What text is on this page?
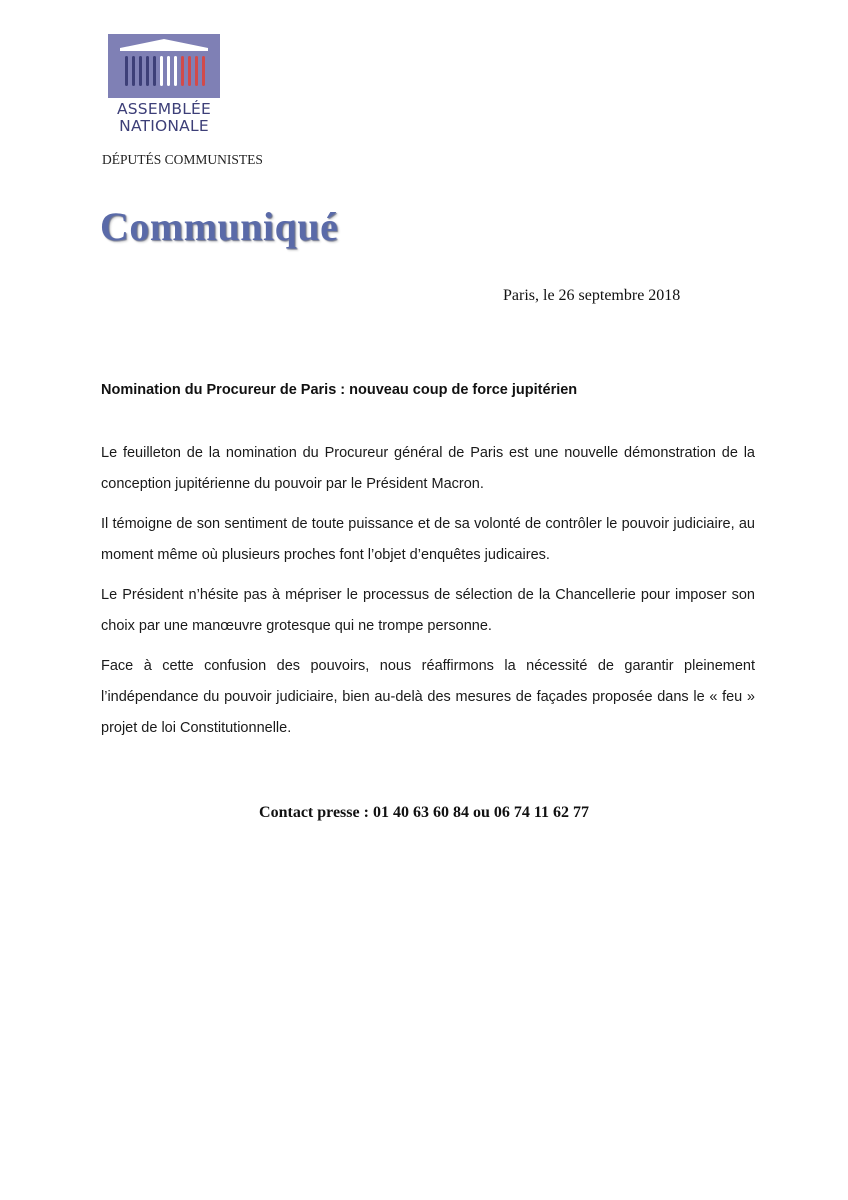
ASSEMBLÉE
NATIONALE
DÉPUTÉS COMMUNISTES
Communiqué
Paris, le 26 septembre 2018
Nomination du Procureur de Paris : nouveau coup de force jupitérien

Le feuilleton de la nomination du Procureur général de Paris est une nouvelle démonstration de la conception jupitérienne du pouvoir par le Président Macron.

Il témoigne de son sentiment de toute puissance et de sa volonté de contrôler le pouvoir judiciaire, au moment même où plusieurs proches font l’objet d’enquêtes judicaires.

Le Président n’hésite pas à mépriser le processus de sélection de la Chancellerie pour imposer son choix par une manœuvre grotesque qui ne trompe personne.

Face à cette confusion des pouvoirs, nous réaffirmons la nécessité de garantir pleinement l’indépendance du pouvoir judiciaire, bien au-delà des mesures de façades proposée dans le « feu » projet de loi Constitutionnelle.

Contact presse : 01 40 63 60 84 ou 06 74 11 62 77
